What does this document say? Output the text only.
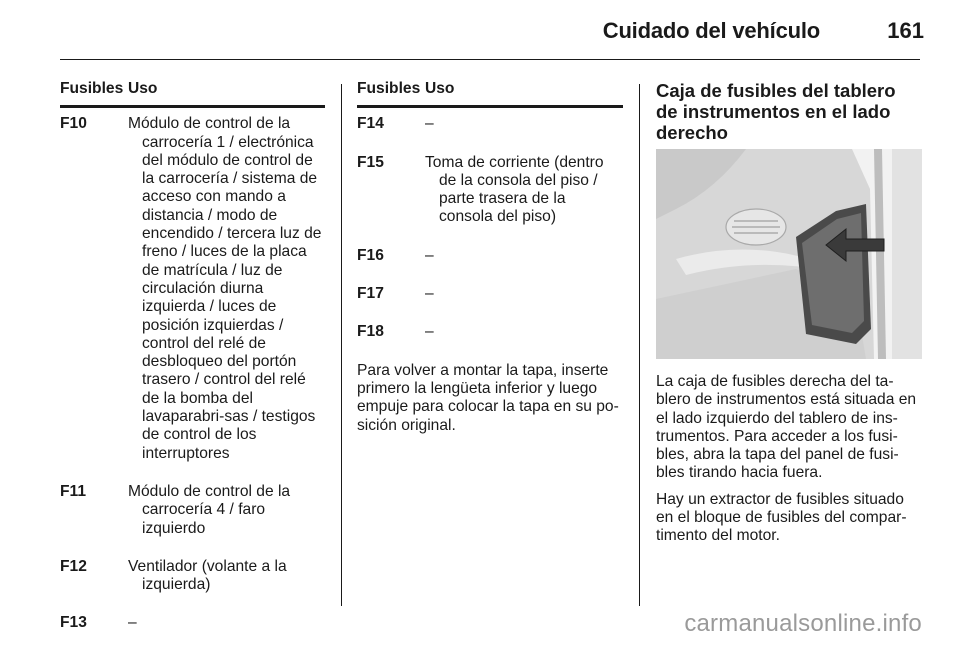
Cuidado del vehículo	161
Fusibles Uso
F10	Módulo de control de la carrocería 1 / electrónica del módulo de control de la carrocería / sistema de acceso con mando a distancia / modo de encendido / tercera luz de freno / luces de la placa de matrícula / luz de circulación diurna izquierda / luces de posición izquierdas / control del relé de desbloqueo del portón trasero / control del relé de la bomba del lavaparabri-sas / testigos de control de los interruptores
F11	Módulo de control de la carrocería 4 / faro izquierdo
F12	Ventilador (volante a la izquierda)
F13	–
Fusibles Uso
F14	–
F15	Toma de corriente (dentro de la consola del piso / parte trasera de la consola del piso)
F16	–
F17	–
F18	–

Para volver a montar la tapa, inserte primero la lengüeta inferior y luego empuje para colocar la tapa en su po-sición original.

Caja de fusibles del tablero de instrumentos en el lado derecho

La caja de fusibles derecha del ta-blero de instrumentos está situada en el lado izquierdo del tablero de ins-trumentos. Para acceder a los fusi-bles, abra la tapa del panel de fusi-bles tirando hacia fuera.

Hay un extractor de fusibles situado en el bloque de fusibles del compar-timento del motor.

carmanualsonline.info
